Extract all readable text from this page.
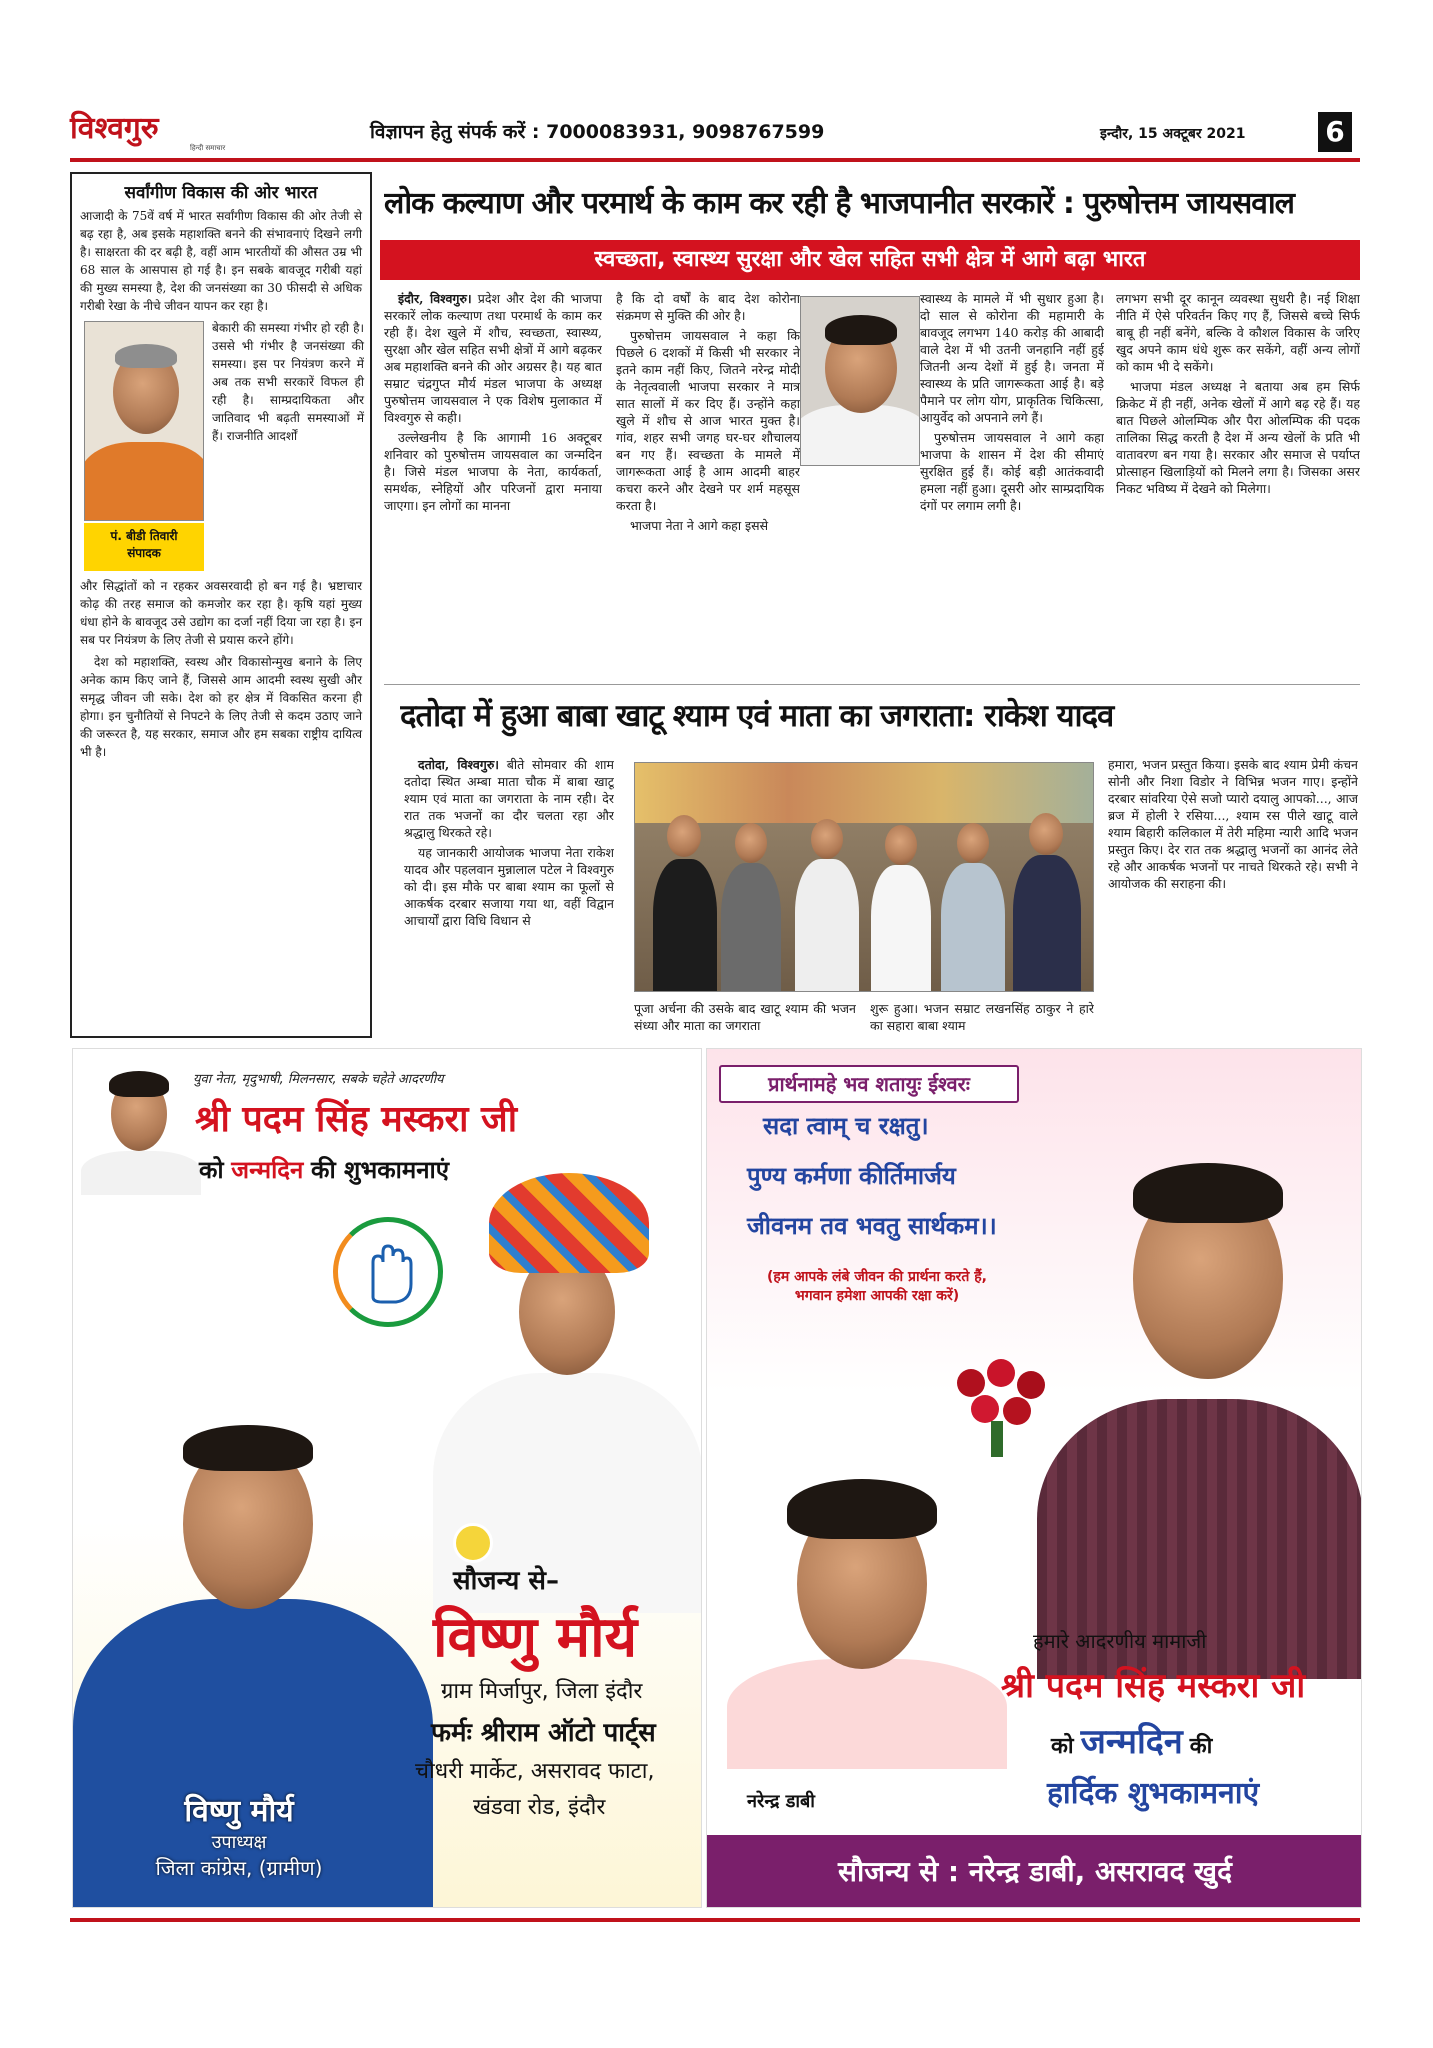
विश्वगुरु
हिन्दी समाचार
विज्ञापन हेतु संपर्क करें : 7000083931, 9098767599	इन्दौर, 15 अक्टूबर 2021	6
सर्वांगीण विकास की ओर भारत
आजादी के 75वें वर्ष में भारत सर्वांगीण विकास की ओर तेजी से बढ़ रहा है, अब इसके महाशक्ति बनने की संभावनाएं दिखने लगी है। साक्षरता की दर बढ़ी है, वहीं आम भारतीयों की औसत उम्र भी 68 साल के आसपास हो गई है। इन सबके बावजूद गरीबी यहां की मुख्य समस्या है, देश की जनसंख्या का 30 फीसदी से अधिक गरीबी रेखा के नीचे जीवन यापन कर रहा है।
पं. बीडी तिवारी
संपादक
बेकारी की समस्या गंभीर हो रही है। उससे भी गंभीर है जनसंख्या की समस्या। इस पर नियंत्रण करने में अब तक सभी सरकारें विफल ही रही है। साम्प्रदायिकता और जातिवाद भी बढ़ती समस्याओं में हैं। राजनीति आदर्शों
और सिद्धांतों को न रहकर अवसरवादी हो बन गई है। भ्रष्टाचार कोढ़ की तरह समाज को कमजोर कर रहा है। कृषि यहां मुख्य धंधा होने के बावजूद उसे उद्योग का दर्जा नहीं दिया जा रहा है। इन सब पर नियंत्रण के लिए तेजी से प्रयास करने होंगे।
देश को महाशक्ति, स्वस्थ और विकासोन्मुख बनाने के लिए अनेक काम किए जाने हैं, जिससे आम आदमी स्वस्थ सुखी और समृद्ध जीवन जी सके। देश को हर क्षेत्र में विकसित करना ही होगा। इन चुनौतियों से निपटने के लिए तेजी से कदम उठाए जाने की जरूरत है, यह सरकार, समाज और हम सबका राष्ट्रीय दायित्व भी है।
लोक कल्याण और परमार्थ के काम कर रही है भाजपानीत सरकारें : पुरुषोत्तम जायसवाल
स्वच्छता, स्वास्थ्य सुरक्षा और खेल सहित सभी क्षेत्र में आगे बढ़ा भारत

इंदौर, विश्वगुरु। प्रदेश और देश की भाजपा सरकारें लोक कल्याण तथा परमार्थ के काम कर रही हैं। देश खुले में शौच, स्वच्छता, स्वास्थ्य, सुरक्षा और खेल सहित सभी क्षेत्रों में आगे बढ़कर अब महाशक्ति बनने की ओर अग्रसर है। यह बात सम्राट चंद्रगुप्त मौर्य मंडल भाजपा के अध्यक्ष पुरुषोत्तम जायसवाल ने एक विशेष मुलाकात में विश्वगुरु से कही।

उल्लेखनीय है कि आगामी 16 अक्टूबर शनिवार को पुरुषोत्तम जायसवाल का जन्मदिन है। जिसे मंडल भाजपा के नेता, कार्यकर्ता, समर्थक, स्नेहियों और परिजनों द्वारा मनाया जाएगा। इन लोगों का मानना

है कि दो वर्षों के बाद देश कोरोना संक्रमण से मुक्ति की ओर है।

पुरुषोत्तम जायसवाल ने कहा कि पिछले 6 दशकों में किसी भी सरकार ने इतने काम नहीं किए, जितने नरेन्द्र मोदी के नेतृत्ववाली भाजपा सरकार ने मात्र सात सालों में कर दिए हैं। उन्होंने कहा खुले में शौच से आज भारत मुक्त है। गांव, शहर सभी जगह घर-घर शौचालय बन गए हैं। स्वच्छता के मामले में जागरूकता आई है आम आदमी बाहर कचरा करने और देखने पर शर्म महसूस करता है।

भाजपा नेता ने आगे कहा इससे

स्वास्थ्य के मामले में भी सुधार हुआ है। दो साल से कोरोना की महामारी के बावजूद लगभग 140 करोड़ की आबादी वाले देश में भी उतनी जनहानि नहीं हुई जितनी अन्य देशों में हुई है। जनता में स्वास्थ्य के प्रति जागरूकता आई है। बड़े पैमाने पर लोग योग, प्राकृतिक चिकित्सा, आयुर्वेद को अपनाने लगे हैं।

पुरुषोत्तम जायसवाल ने आगे कहा भाजपा के शासन में देश की सीमाएं सुरक्षित हुई हैं। कोई बड़ी आतंकवादी हमला नहीं हुआ। दूसरी ओर साम्प्रदायिक दंगों पर लगाम लगी है।

लगभग सभी दूर कानून व्यवस्था सुधरी है। नई शिक्षा नीति में ऐसे परिवर्तन किए गए हैं, जिससे बच्चे सिर्फ बाबू ही नहीं बनेंगे, बल्कि वे कौशल विकास के जरिए खुद अपने काम धंधे शुरू कर सकेंगे, वहीं अन्य लोगों को काम भी दे सकेंगे।

भाजपा मंडल अध्यक्ष ने बताया अब हम सिर्फ क्रिकेट में ही नहीं, अनेक खेलों में आगे बढ़ रहे हैं। यह बात पिछले ओलम्पिक और पैरा ओलम्पिक की पदक तालिका सिद्ध करती है देश में अन्य खेलों के प्रति भी वातावरण बन गया है। सरकार और समाज से पर्याप्त प्रोत्साहन खिलाड़ियों को मिलने लगा है। जिसका असर निकट भविष्य में देखने को मिलेगा।

दतोदा में हुआ बाबा खाटू श्याम एवं माता का जगराता: राकेश यादव

दतोदा, विश्वगुरु। बीते सोमवार की शाम दतोदा स्थित अम्बा माता चौक में बाबा खाटू श्याम एवं माता का जगराता के नाम रही। देर रात तक भजनों का दौर चलता रहा और श्रद्धालु थिरकते रहे।

यह जानकारी आयोजक भाजपा नेता राकेश यादव और पहलवान मुन्नालाल पटेल ने विश्वगुरु को दी। इस मौके पर बाबा श्याम का फूलों से आकर्षक दरबार सजाया गया था, वहीं विद्वान आचार्यों द्वारा विधि विधान से

पूजा अर्चना की उसके बाद खाटू श्याम की भजन संध्या और माता का जगराता
शुरू हुआ। भजन सम्राट लखनसिंह ठाकुर ने हारे का सहारा बाबा श्याम

हमारा, भजन प्रस्तुत किया। इसके बाद श्याम प्रेमी कंचन सोनी और निशा विडोर ने विभिन्न भजन गाए। इन्होंने दरबार सांवरिया ऐसे सजो प्यारो दयालु आपको..., आज ब्रज में होली रे रसिया..., श्याम रस पीले खाटू वाले श्याम बिहारी कलिकाल में तेरी महिमा न्यारी आदि भजन प्रस्तुत किए। देर रात तक श्रद्धालु भजनों का आनंद लेते रहे और आकर्षक भजनों पर नाचते थिरकते रहे। सभी ने आयोजक की सराहना की।

युवा नेता, मृदुभाषी, मिलनसार, सबके चहेते आदरणीय
श्री पदम सिंह मस्करा जी
को जन्मदिन की शुभकामनाएं
सौजन्य से–
विष्णु मौर्य
ग्राम मिर्जापुर, जिला इंदौर
फर्मः श्रीराम ऑटो पार्ट्स
चौधरी मार्केट, असरावद फाटा,
खंडवा रोड, इंदौर
विष्णु मौर्य
उपाध्यक्ष
जिला कांग्रेस, (ग्रामीण)
प्रार्थनामहे भव शतायुः ईश्वरः
सदा त्वाम् च रक्षतु।
पुण्य कर्मणा कीर्तिमार्जय
जीवनम तव भवतु सार्थकम।।
(हम आपके लंबे जीवन की प्रार्थना करते हैं,
भगवान हमेशा आपकी रक्षा करें)
नरेन्द्र डाबी
हमारे आदरणीय मामाजी
श्री पदम सिंह मस्करा जी
को जन्मदिन की
हार्दिक शुभकामनाएं
सौजन्य से : नरेन्द्र डाबी, असरावद खुर्द
